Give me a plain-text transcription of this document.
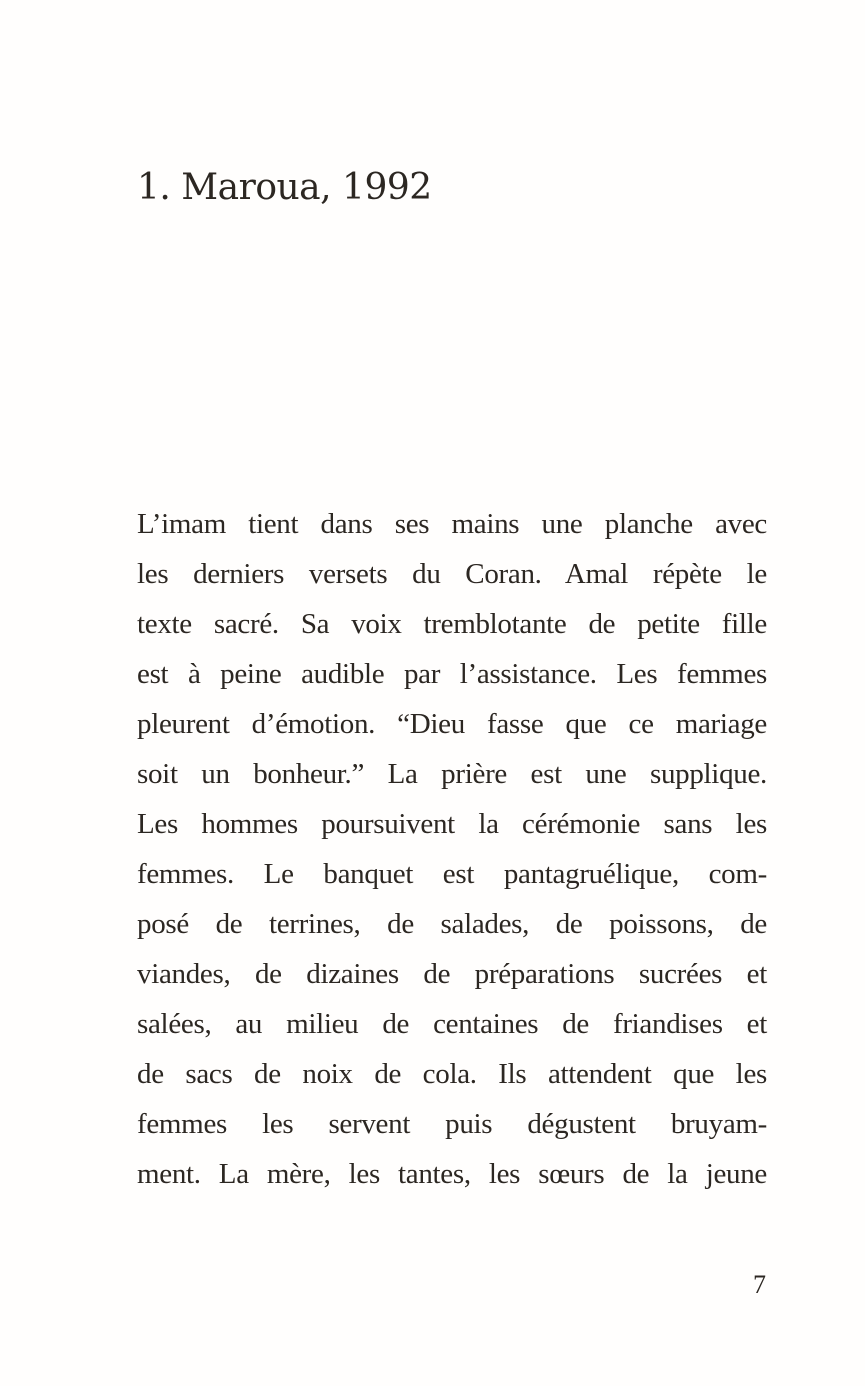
1. Maroua, 1992
L’imam tient dans ses mains une planche avec
les derniers versets du Coran. Amal répète le
texte sacré. Sa voix tremblotante de petite fille
est à peine audible par l’assistance. Les femmes
pleurent d’émotion. “Dieu fasse que ce mariage
soit un bonheur.” La prière est une supplique.
Les hommes poursuivent la cérémonie sans les
femmes. Le banquet est pantagruélique, com-
posé de terrines, de salades, de poissons, de
viandes, de dizaines de préparations sucrées et
salées, au milieu de centaines de friandises et
de sacs de noix de cola. Ils attendent que les
femmes les servent puis dégustent bruyam-
ment. La mère, les tantes, les sœurs de la jeune
7
